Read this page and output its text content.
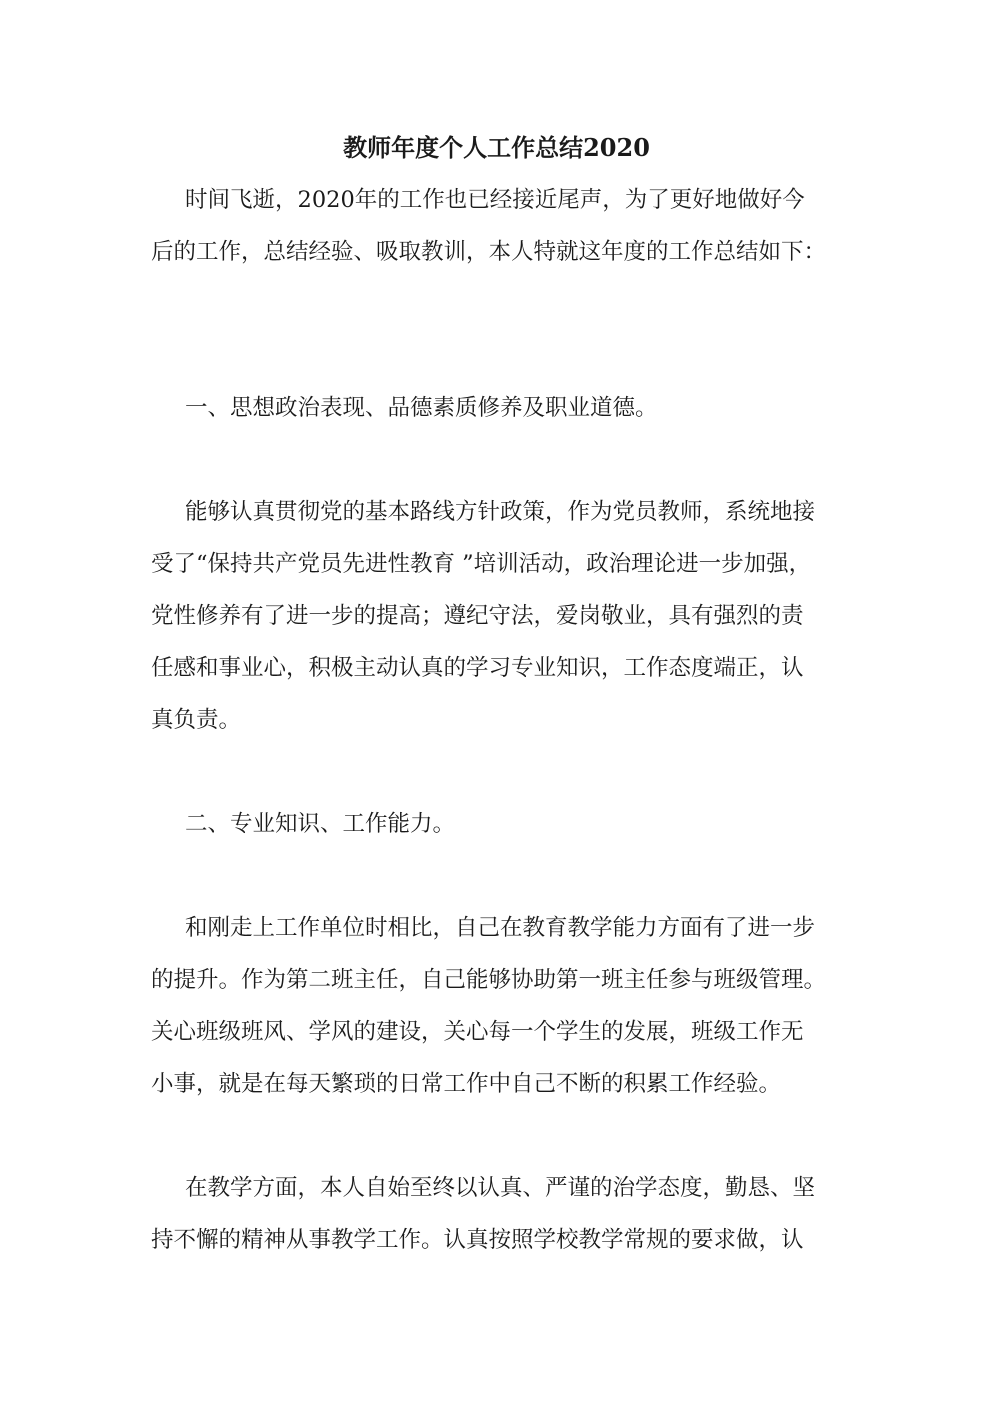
教师年度个人工作总结2020

时间飞逝，2020年的工作也已经接近尾声，为了更好地做好今

后的工作，总结经验、吸取教训，本人特就这年度的工作总结如下：

一、思想政治表现、品德素质修养及职业道德。

能够认真贯彻党的基本路线方针政策，作为党员教师，系统地接

受了“保持共产党员先进性教育 ”培训活动，政治理论进一步加强，

党性修养有了进一步的提高；遵纪守法，爱岗敬业，具有强烈的责

任感和事业心，积极主动认真的学习专业知识，工作态度端正，认

真负责。

二、专业知识、工作能力。

和刚走上工作单位时相比，自己在教育教学能力方面有了进一步

的提升。作为第二班主任，自己能够协助第一班主任参与班级管理。

关心班级班风、学风的建设，关心每一个学生的发展，班级工作无

小事，就是在每天繁琐的日常工作中自己不断的积累工作经验。

在教学方面，本人自始至终以认真、严谨的治学态度，勤恳、坚

持不懈的精神从事教学工作。认真按照学校教学常规的要求做，认
